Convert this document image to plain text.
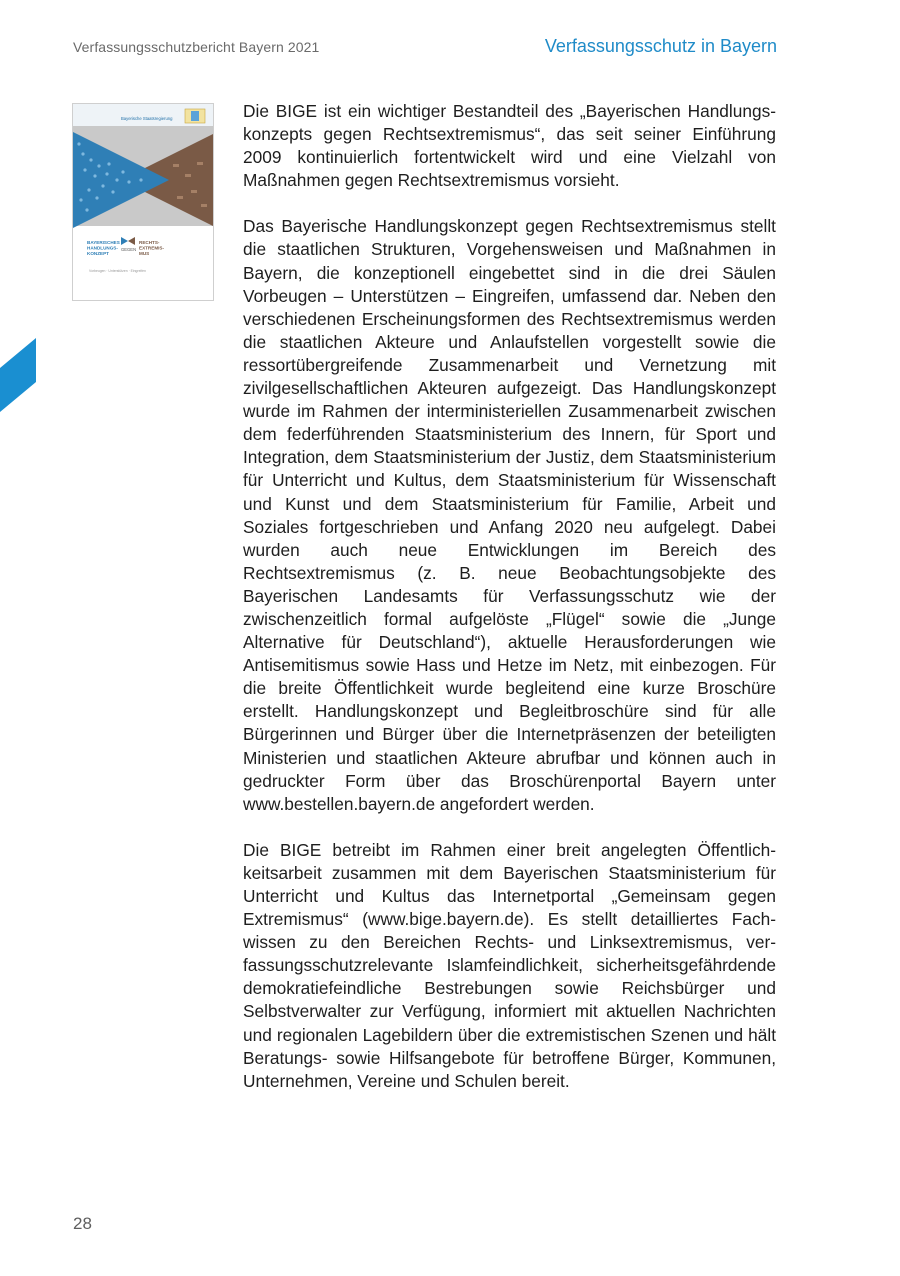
Verfassungsschutzbericht Bayern 2021	Verfassungsschutz in Bayern
Bayerische Staatsregierung
BAYERISCHES HANDLUNGS- KONZEPT
GEGEN
RECHTS- EXTREMIS- MUS
Vorbeugen · Unterstützen · Eingreifen

Die BIGE ist ein wichtiger Bestandteil des „Bayerischen Handlungskonzepts gegen Rechtsextremismus“, das seit seiner Einführung 2009 kontinuierlich fortentwickelt wird und eine Vielzahl von Maßnahmen gegen Rechtsextremismus vorsieht.

Das Bayerische Handlungskonzept gegen Rechtsextremismus stellt die staatlichen Strukturen, Vorgehensweisen und Maßnahmen in Bayern, die konzeptionell eingebettet sind in die drei Säulen Vorbeugen – Unterstützen – Eingreifen, umfassend dar. Neben den verschiedenen Erscheinungsformen des Rechtsextremismus werden die staatlichen Akteure und Anlaufstellen vorgestellt sowie die ressortübergreifende Zusammenarbeit und Vernetzung mit zivilgesellschaftlichen Akteuren aufgezeigt. Das Handlungskonzept wurde im Rahmen der interministeriellen Zusammenarbeit zwischen dem federführenden Staatsministerium des Innern, für Sport und Integration, dem Staatsministerium der Justiz, dem Staatsministerium für Unterricht und Kultus, dem Staatsministerium für Wissenschaft und Kunst und dem Staatsministerium für Familie, Arbeit und Soziales fortgeschrieben und Anfang 2020 neu aufgelegt. Dabei wurden auch neue Entwicklungen im Bereich des Rechtsextremismus (z. B. neue Beobachtungsobjekte des Bayerischen Landesamts für Verfassungsschutz wie der zwischenzeitlich formal aufgelöste „Flügel“ sowie die „Junge Alternative für Deutschland“), aktuelle Herausforderungen wie Antisemitismus sowie Hass und Hetze im Netz, mit einbezogen. Für die breite Öffentlichkeit wurde begleitend eine kurze Broschüre erstellt. Handlungskonzept und Begleitbroschüre sind für alle Bürgerinnen und Bürger über die Internetpräsenzen der beteiligten Ministerien und staatlichen Akteure abrufbar und können auch in gedruckter Form über das Broschürenportal Bayern unter www.bestellen.bayern.de angefordert werden.

Die BIGE betreibt im Rahmen einer breit angelegten Öffentlichkeitsarbeit zusammen mit dem Bayerischen Staatsministerium für Unterricht und Kultus das Internetportal „Gemeinsam gegen Extremismus“ (www.bige.bayern.de). Es stellt detailliertes Fachwissen zu den Bereichen Rechts- und Linksextremismus, verfassungsschutzrelevante Islamfeindlichkeit, sicherheitsgefährdende demokratiefeindliche Bestrebungen sowie Reichsbürger und Selbstverwalter zur Verfügung, informiert mit aktuellen Nachrichten und regionalen Lagebildern über die extremistischen Szenen und hält Beratungs- sowie Hilfsangebote für betroffene Bürger, Kommunen, Unternehmen, Vereine und Schulen bereit.

28
